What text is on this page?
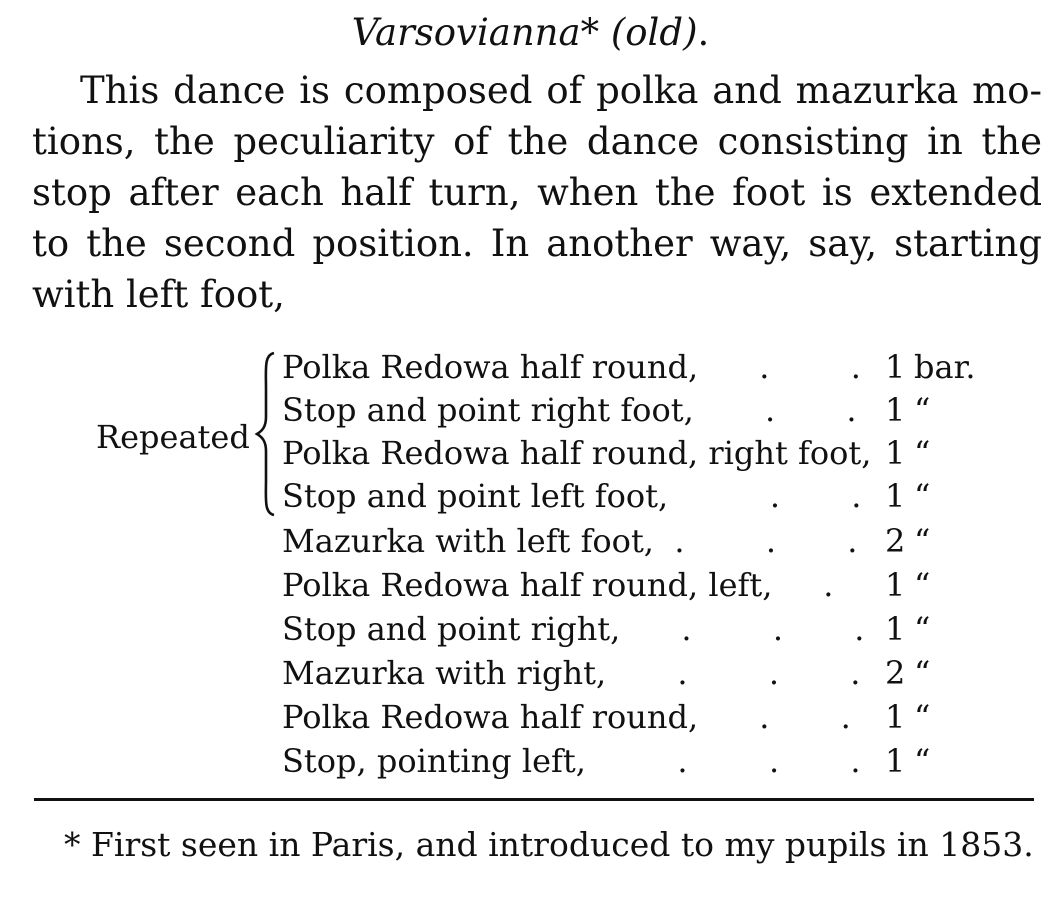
Varsovianna* (old).
This dance is composed of polka and mazurka mo-
tions, the peculiarity of the dance consisting in the
stop after each half turn, when the foot is extended
to the second position. In another way, say, starting
with left foot,
Repeated
Polka Redowa half round,      .        . 1 bar.
Stop and point right foot,       .       . 1 “
Polka Redowa half round, right foot, 1 “
Stop and point left foot,          .       . 1 “
Mazurka with left foot,  .        .       . 2 “
Polka Redowa half round, left,     . 1 “
Stop and point right,      .        .       . 1 “
Mazurka with right,       .        .       . 2 “
Polka Redowa half round,      .       . 1 “
Stop, pointing left,         .        .       . 1 “
* First seen in Paris, and introduced to my pupils in 1853.
